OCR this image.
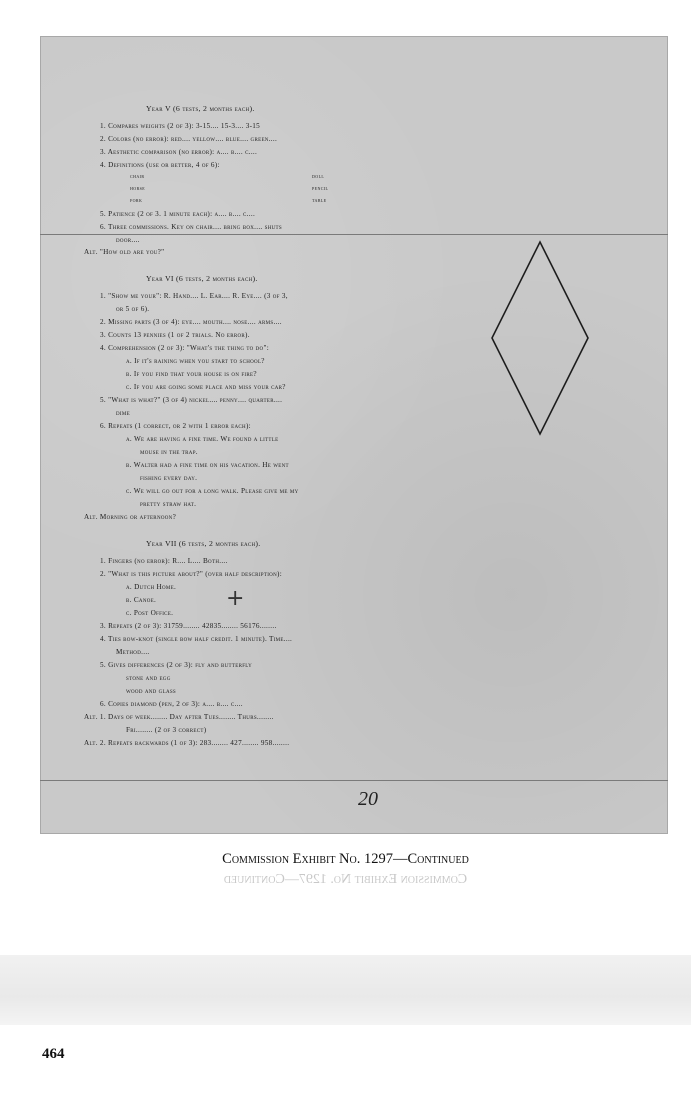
Year V (6 tests, 2 months each).
1. Compares weights (2 of 3): 3-15.... 15-3.... 3-15
2. Colors (no error): red.... yellow.... blue.... green....
3. Aesthetic comparison (no error): a.... b.... c....
4. Definitions (use or better, 4 of 6):
chair
horse
fork
doll
pencil
table
5. Patience (2 of 3. 1 minute each): a.... b.... c....
6. Three commissions. Key on chair.... bring box.... shuts
door....
Alt. "How old are you?"
Year VI (6 tests, 2 months each).
1. "Show me your": R. Hand.... L. Ear.... R. Eye.... (3 of 3,
or 5 of 6).
2. Missing parts (3 of 4): eye.... mouth.... nose.... arms....
3. Counts 13 pennies (1 of 2 trials. No error).
4. Comprehension (2 of 3): "What's the thing to do":
a. If it's raining when you start to school?
b. If you find that your house is on fire?
c. If you are going some place and miss your car?
5. "What is what?" (3 of 4) nickel.... penny.... quarter....
dime
6. Repeats (1 correct, or 2 with 1 error each):
a. We are having a fine time. We found a little
mouse in the trap.
b. Walter had a fine time on his vacation. He went
fishing every day.
c. We will go out for a long walk. Please give me my
pretty straw hat.
Alt. Morning or afternoon?
Year VII (6 tests, 2 months each).
1. Fingers (no error): R.... L.... Both....
2. "What is this picture about?" (over half description):
a. Dutch Home.
b. Canoe.
c. Post Office.
3. Repeats (2 of 3): 31759........ 42835........ 56176........
4. Ties bow-knot (single bow half credit. 1 minute). Time....
Method....
5. Gives differences (2 of 3): fly and butterfly
stone and egg
wood and glass
6. Copies diamond (pen, 2 of 3): a.... b.... c....
Alt. 1. Days of week........ Day after Tues........ Thurs........
Fri........ (2 of 3 correct)
Alt. 2. Repeats backwards (1 of 3): 283........ 427........ 958........
+
20
Commission Exhibit No. 1297—Continued
Commission Exhibit No. 1297—Continued
464
